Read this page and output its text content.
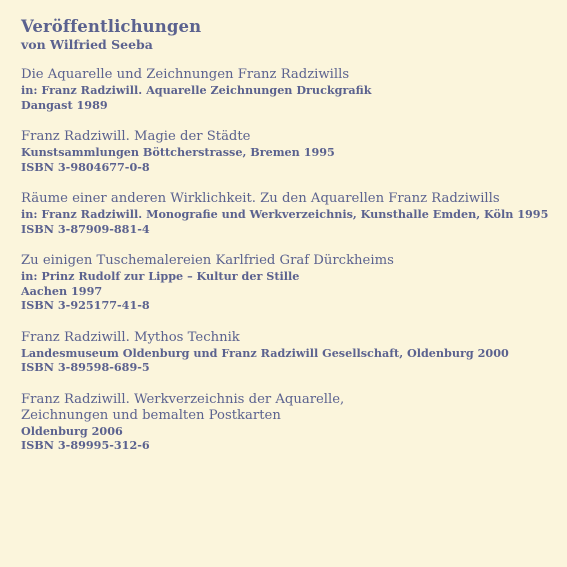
Veröffentlichungen
von Wilfried Seeba
Die Aquarelle und Zeichnungen Franz Radziwills
in: Franz Radziwill. Aquarelle Zeichnungen Druckgrafik
Dangast 1989
Franz Radziwill. Magie der Städte
Kunstsammlungen Böttcherstrasse, Bremen 1995
ISBN 3-9804677-0-8
Räume einer anderen Wirklichkeit. Zu den Aquarellen Franz Radziwills
in: Franz Radziwill. Monografie und Werkverzeichnis, Kunsthalle Emden, Köln 1995
ISBN 3-87909-881-4
Zu einigen Tuschemalereien Karlfried Graf Dürckheims
in: Prinz Rudolf zur Lippe – Kultur der Stille
Aachen 1997
ISBN 3-925177-41-8
Franz Radziwill. Mythos Technik
Landesmuseum Oldenburg und Franz Radziwill Gesellschaft, Oldenburg 2000
ISBN 3-89598-689-5
Franz Radziwill. Werkverzeichnis der Aquarelle,
Zeichnungen und bemalten Postkarten
Oldenburg 2006
ISBN 3-89995-312-6
